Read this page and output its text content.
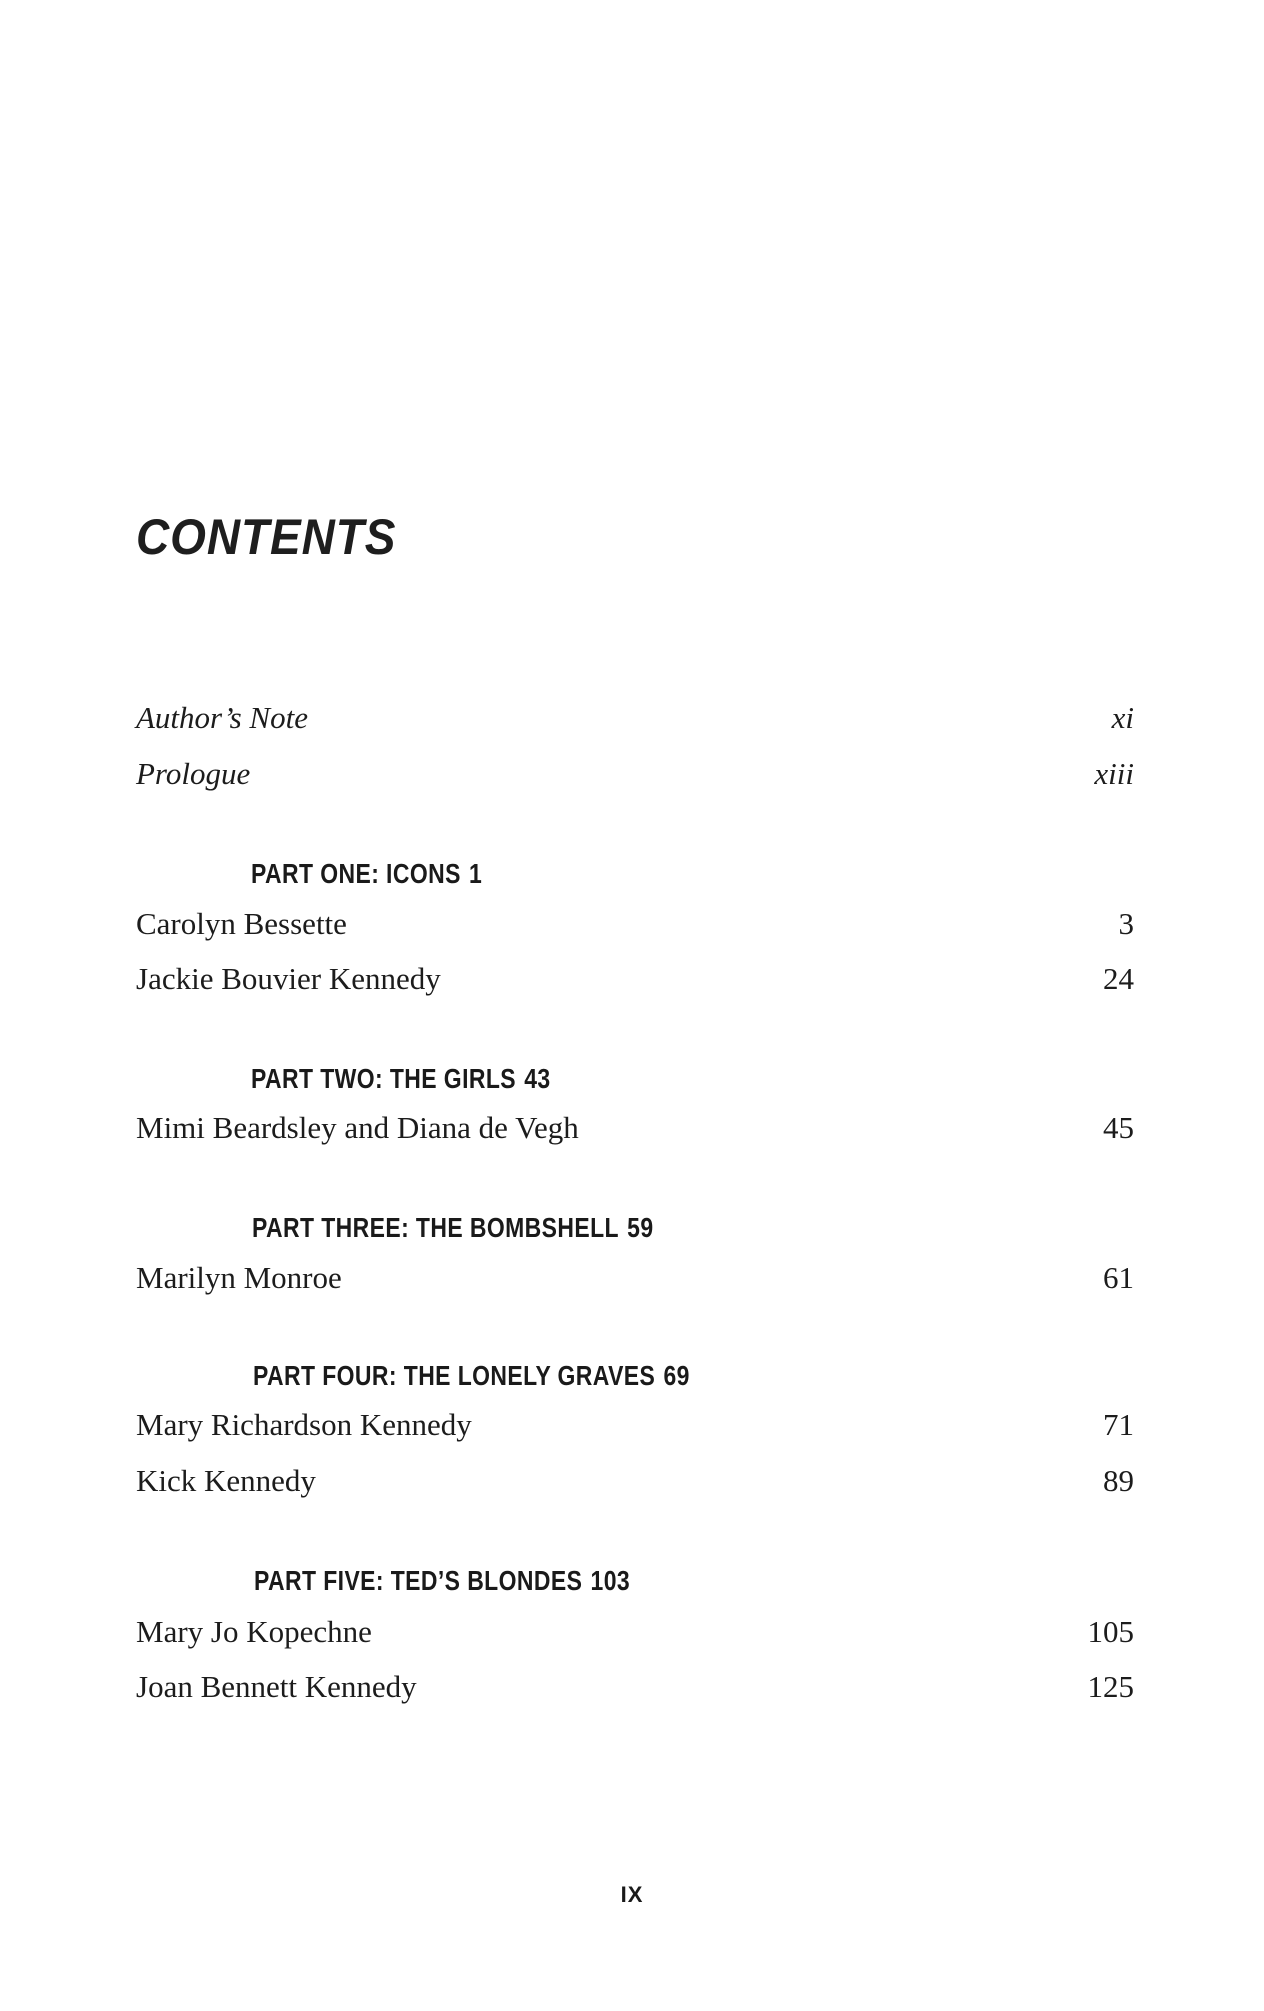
CONTENTS
Author’s Note	xi
Prologue	xiii
PART ONE: ICONS 1
Carolyn Bessette	3
Jackie Bouvier Kennedy	24
PART TWO: THE GIRLS 43
Mimi Beardsley and Diana de Vegh	45
PART THREE: THE BOMBSHELL 59
Marilyn Monroe	61
PART FOUR: THE LONELY GRAVES 69
Mary Richardson Kennedy	71
Kick Kennedy	89
PART FIVE: TED’S BLONDES 103
Mary Jo Kopechne	105
Joan Bennett Kennedy	125
IX
